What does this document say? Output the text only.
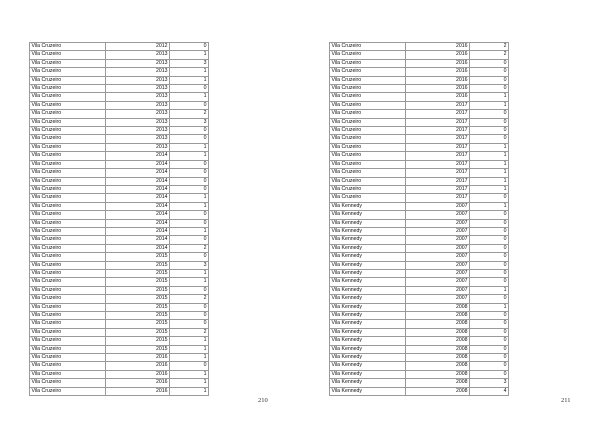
Vila Cruzeiro	2012	0
Vila Cruzeiro	2013	1
Vila Cruzeiro	2013	3
Vila Cruzeiro	2013	1
Vila Cruzeiro	2013	1
Vila Cruzeiro	2013	0
Vila Cruzeiro	2013	1
Vila Cruzeiro	2013	0
Vila Cruzeiro	2013	2
Vila Cruzeiro	2013	3
Vila Cruzeiro	2013	0
Vila Cruzeiro	2013	0
Vila Cruzeiro	2013	1
Vila Cruzeiro	2014	1
Vila Cruzeiro	2014	0
Vila Cruzeiro	2014	0
Vila Cruzeiro	2014	0
Vila Cruzeiro	2014	0
Vila Cruzeiro	2014	1
Vila Cruzeiro	2014	1
Vila Cruzeiro	2014	0
Vila Cruzeiro	2014	0
Vila Cruzeiro	2014	1
Vila Cruzeiro	2014	0
Vila Cruzeiro	2014	2
Vila Cruzeiro	2015	0
Vila Cruzeiro	2015	3
Vila Cruzeiro	2015	1
Vila Cruzeiro	2015	1
Vila Cruzeiro	2015	0
Vila Cruzeiro	2015	2
Vila Cruzeiro	2015	0
Vila Cruzeiro	2015	0
Vila Cruzeiro	2015	0
Vila Cruzeiro	2015	2
Vila Cruzeiro	2015	1
Vila Cruzeiro	2015	1
Vila Cruzeiro	2016	1
Vila Cruzeiro	2016	0
Vila Cruzeiro	2016	1
Vila Cruzeiro	2016	1
Vila Cruzeiro	2016	1
210
Vila Cruzeiro	2016	2
Vila Cruzeiro	2016	2
Vila Cruzeiro	2016	0
Vila Cruzeiro	2016	0
Vila Cruzeiro	2016	0
Vila Cruzeiro	2016	0
Vila Cruzeiro	2016	1
Vila Cruzeiro	2017	1
Vila Cruzeiro	2017	0
Vila Cruzeiro	2017	0
Vila Cruzeiro	2017	0
Vila Cruzeiro	2017	0
Vila Cruzeiro	2017	1
Vila Cruzeiro	2017	1
Vila Cruzeiro	2017	1
Vila Cruzeiro	2017	1
Vila Cruzeiro	2017	1
Vila Cruzeiro	2017	1
Vila Cruzeiro	2017	0
Vila Kennedy	2007	1
Vila Kennedy	2007	0
Vila Kennedy	2007	0
Vila Kennedy	2007	0
Vila Kennedy	2007	0
Vila Kennedy	2007	0
Vila Kennedy	2007	0
Vila Kennedy	2007	0
Vila Kennedy	2007	0
Vila Kennedy	2007	0
Vila Kennedy	2007	1
Vila Kennedy	2007	0
Vila Kennedy	2008	1
Vila Kennedy	2008	0
Vila Kennedy	2008	0
Vila Kennedy	2008	0
Vila Kennedy	2008	0
Vila Kennedy	2008	0
Vila Kennedy	2008	0
Vila Kennedy	2008	0
Vila Kennedy	2008	0
Vila Kennedy	2008	3
Vila Kennedy	2008	4
211
